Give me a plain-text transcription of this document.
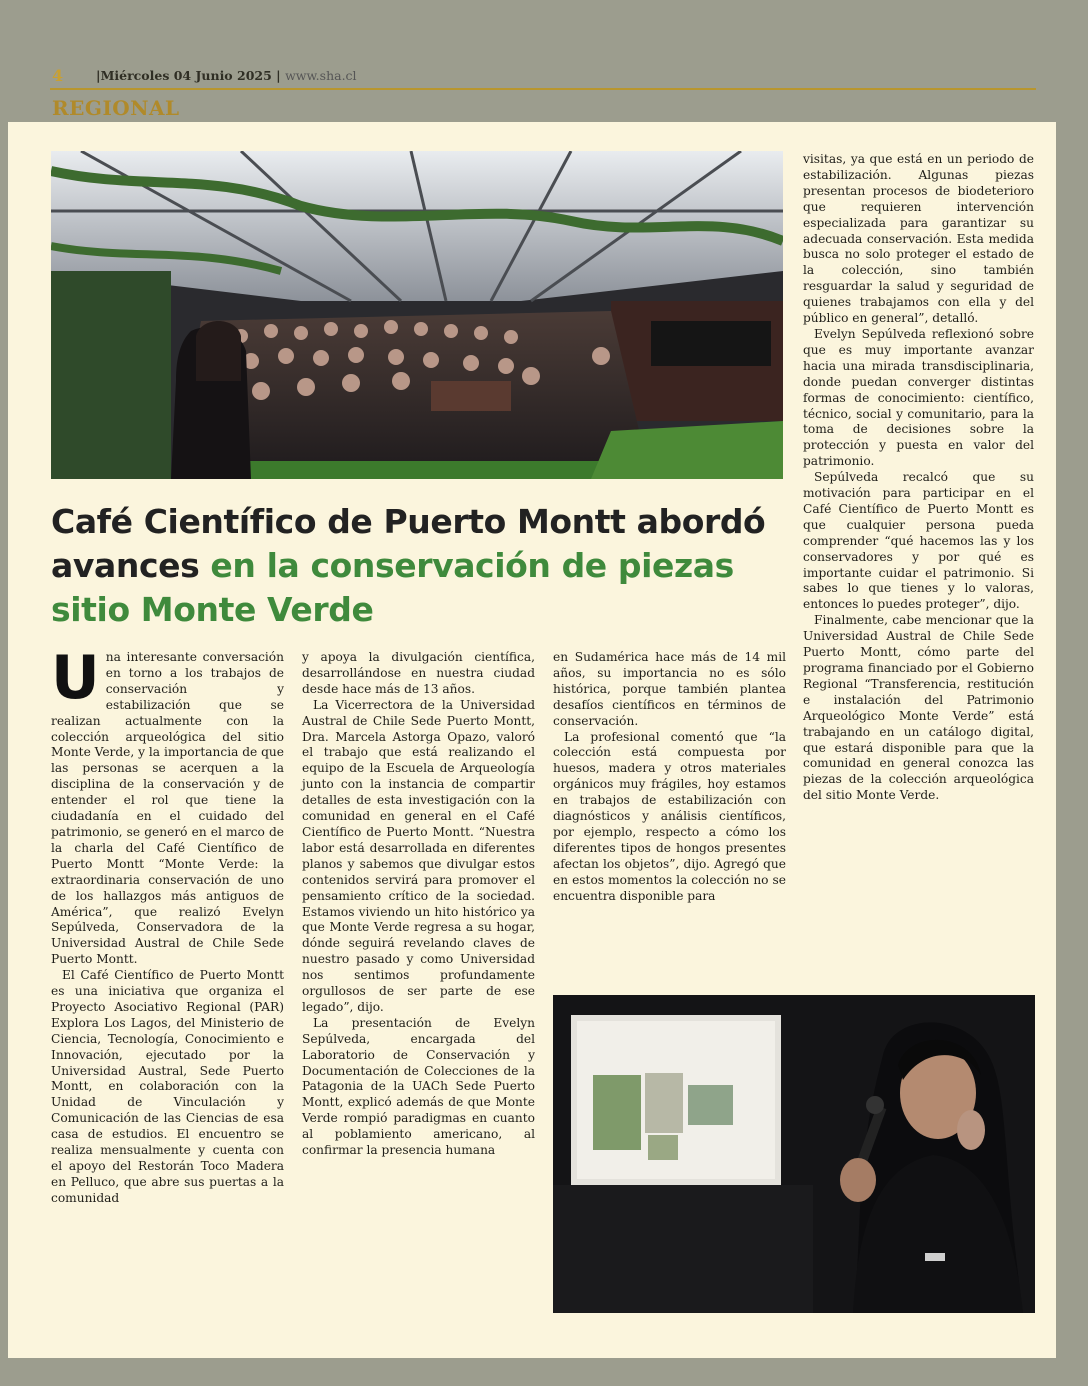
4	|Miércoles 04 Junio 2025 | www.sha.cl
REGIONAL
Café Científico de Puerto Montt abordó avances en la conservación de piezas sitio Monte Verde

Una interesante conversación en torno a los trabajos de conservación y estabilización que se realizan actualmente con la colección arqueológica del sitio Monte Verde, y la importancia de que las personas se acerquen a la disciplina de la conservación y de entender el rol que tiene la ciudadanía en el cuidado del patrimonio, se generó en el marco de la charla del Café Científico de Puerto Montt “Monte Verde: la extraordinaria conservación de uno de los hallazgos más antiguos de América”, que realizó Evelyn Sepúlveda, Conservadora de la Universidad Austral de Chile Sede Puerto Montt.

El Café Científico de Puerto Montt es una iniciativa que organiza el Proyecto Asociativo Regional (PAR) Explora Los Lagos, del Ministerio de Ciencia, Tecnología, Conocimiento e Innovación, ejecutado por la Universidad Austral, Sede Puerto Montt, en colaboración con la Unidad de Vinculación y Comunicación de las Ciencias de esa casa de estudios. El encuentro se realiza mensualmente y cuenta con el apoyo del Restorán Toco Madera en Pelluco, que abre sus puertas a la comunidad

y apoya la divulgación científica, desarrollándose en nuestra ciudad desde hace más de 13 años.

La Vicerrectora de la Universidad Austral de Chile Sede Puerto Montt, Dra. Marcela Astorga Opazo, valoró el trabajo que está realizando el equipo de la Escuela de Arqueología junto con la instancia de compartir detalles de esta investigación con la comunidad en general en el Café Científico de Puerto Montt. “Nuestra labor está desarrollada en diferentes planos y sabemos que divulgar estos contenidos servirá para promover el pensamiento crítico de la sociedad. Estamos viviendo un hito histórico ya que Monte Verde regresa a su hogar, dónde seguirá revelando claves de nuestro pasado y como Universidad nos sentimos profundamente orgullosos de ser parte de ese legado”, dijo.

La presentación de Evelyn Sepúlveda, encargada del Laboratorio de Conservación y Documentación de Colecciones de la Patagonia de la UACh Sede Puerto Montt, explicó además de que Monte Verde rompió paradigmas en cuanto al poblamiento americano, al confirmar la presencia humana

en Sudamérica hace más de 14 mil años, su importancia no es sólo histórica, porque también plantea desafíos científicos en términos de conservación.

La profesional comentó que “la colección está compuesta por huesos, madera y otros materiales orgánicos muy frágiles, hoy estamos en trabajos de estabilización con diagnósticos y análisis científicos, por ejemplo, respecto a cómo los diferentes tipos de hongos presentes afectan los objetos”, dijo. Agregó que en estos momentos la colección no se encuentra disponible para

visitas, ya que está en un periodo de estabilización. Algunas piezas presentan procesos de biodeterioro que requieren intervención especializada para garantizar su adecuada conservación. Esta medida busca no solo proteger el estado de la colección, sino también resguardar la salud y seguridad de quienes trabajamos con ella y del público en general”, detalló.

Evelyn Sepúlveda reflexionó sobre que es muy importante avanzar hacia una mirada transdisciplinaria, donde puedan converger distintas formas de conocimiento: científico, técnico, social y comunitario, para la toma de decisiones sobre la protección y puesta en valor del patrimonio.

Sepúlveda recalcó que su motivación para participar en el Café Científico de Puerto Montt es que cualquier persona pueda comprender “qué hacemos las y los conservadores y por qué es importante cuidar el patrimonio. Si sabes lo que tienes y lo valoras, entonces lo puedes proteger”, dijo.

Finalmente, cabe mencionar que la Universidad Austral de Chile Sede Puerto Montt, cómo parte del programa financiado por el Gobierno Regional “Transferencia, restitución e instalación del Patrimonio Arqueológico Monte Verde” está trabajando en un catálogo digital, que estará disponible para que la comunidad en general conozca las piezas de la colección arqueológica del sitio Monte Verde.
